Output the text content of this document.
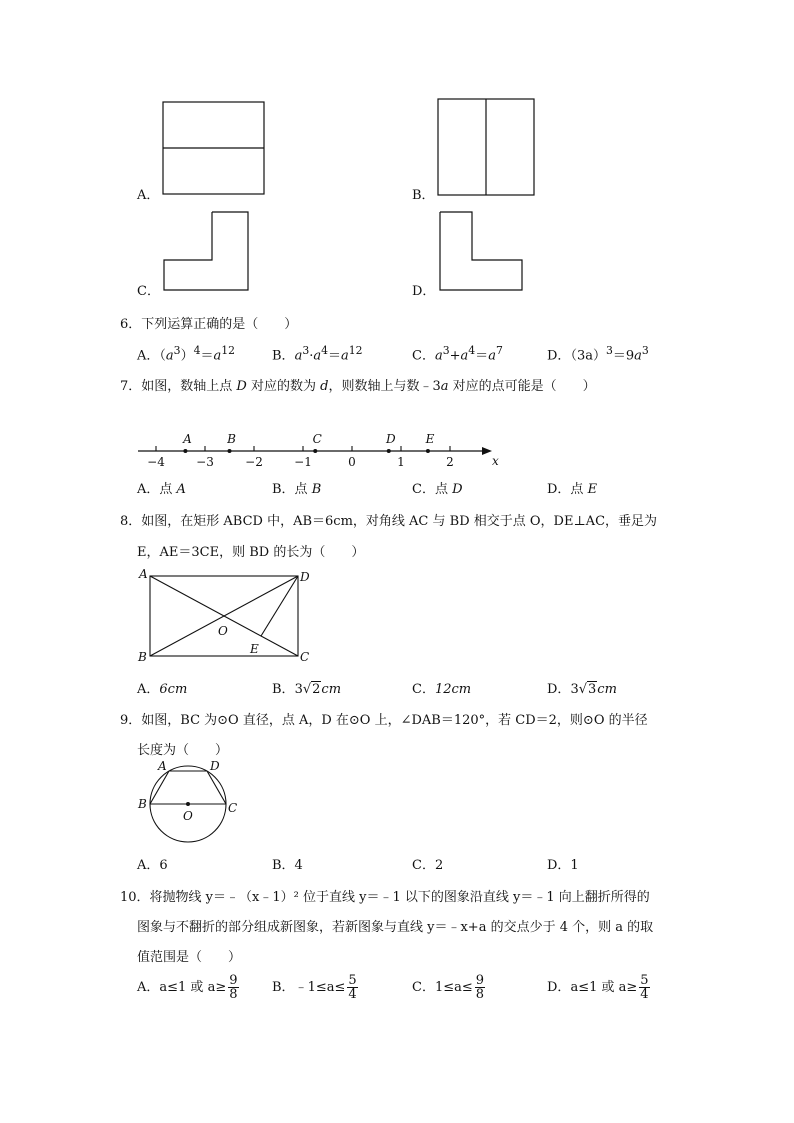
A．	B．
C．	D．
6．下列运算正确的是（　　）
A．$(a^3)^4=a^{12}$	B．$a^3\cdot a^4=a^{12}$	C．$a^3+a^4=a^7$	D．$(3a)^3=9a^3$
7．如图，数轴上点 D 对应的数为 d，则数轴上与数﹣3a 对应的点可能是（　　）
−4	−3	−2	−1	0	1	2
A	B	C	D	E
x
A．点 A	B．点 B	C．点 D	D．点 E
8．如图，在矩形 ABCD 中，AB＝6cm，对角线 AC 与 BD 相交于点 O，DE⊥AC，垂足为
E，AE＝3CE，则 BD 的长为（　　）
A	D
B	C
O
E
A．6cm	B．3√2cm	C．12cm	D．3√3cm
9．如图，BC 为⊙O 直径，点 A，D 在⊙O 上，∠DAB＝120°，若 CD＝2，则⊙O 的半径
长度为（　　）
A	D
B	C
O
A．6	B．4	C．2	D．1
10．将抛物线 y＝﹣（x﹣1）² 位于直线 y＝﹣1 以下的图象沿直线 y＝﹣1 向上翻折所得的
图象与不翻折的部分组成新图象，若新图象与直线 y＝﹣x+a 的交点少于 4 个，则 a 的取
值范围是（　　）
A．a≤1 或 $a\ge \frac{9}{8}$	B．﹣1≤a≤ $\frac{5}{4}$	C．$1\le a\le \frac{9}{8}$	D．a≤1 或 $a\ge \frac{5}{4}$
